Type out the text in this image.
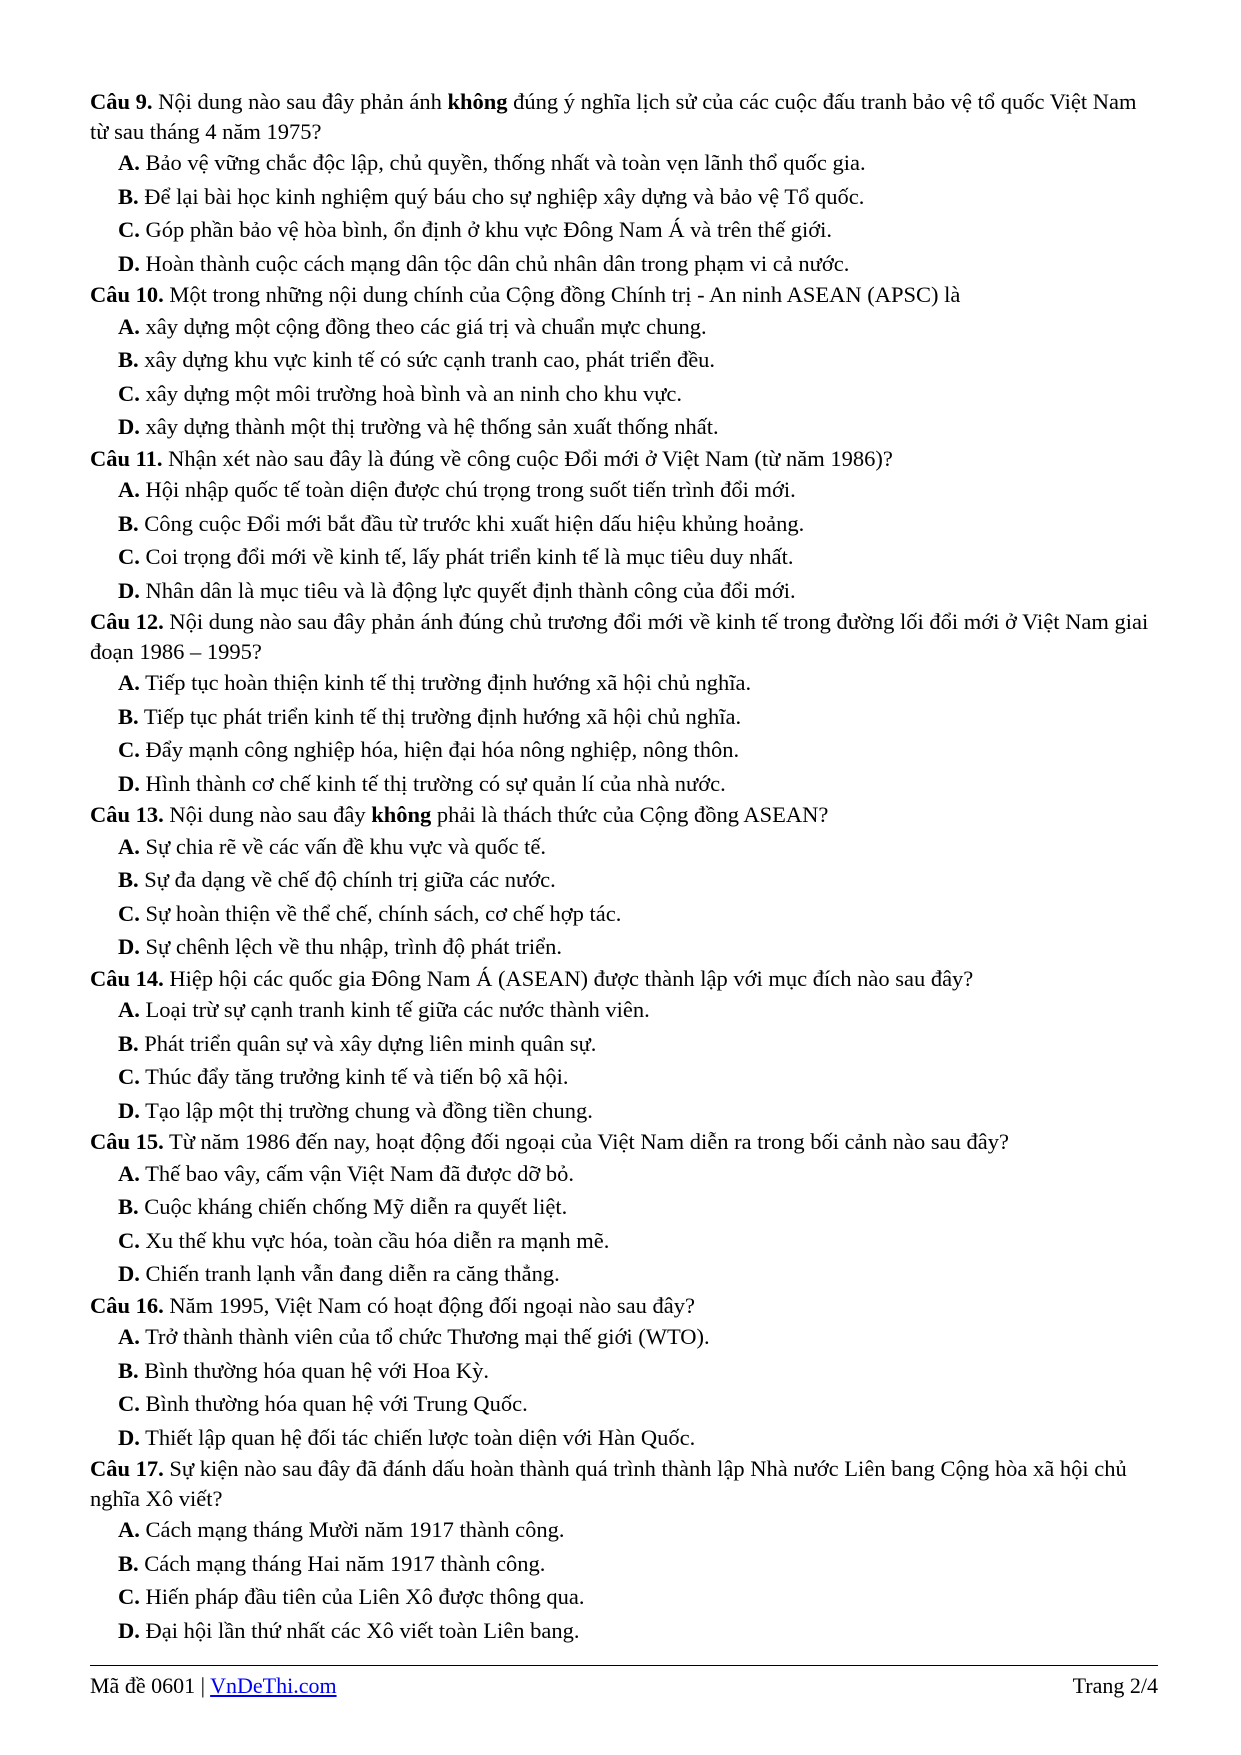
Câu 9. Nội dung nào sau đây phản ánh không đúng ý nghĩa lịch sử của các cuộc đấu tranh bảo vệ tổ quốc Việt Nam từ sau tháng 4 năm 1975?

A. Bảo vệ vững chắc độc lập, chủ quyền, thống nhất và toàn vẹn lãnh thổ quốc gia.

B. Để lại bài học kinh nghiệm quý báu cho sự nghiệp xây dựng và bảo vệ Tổ quốc.

C. Góp phần bảo vệ hòa bình, ổn định ở khu vực Đông Nam Á và trên thế giới.

D. Hoàn thành cuộc cách mạng dân tộc dân chủ nhân dân trong phạm vi cả nước.

Câu 10. Một trong những nội dung chính của Cộng đồng Chính trị - An ninh ASEAN (APSC) là

A. xây dựng một cộng đồng theo các giá trị và chuẩn mực chung.

B. xây dựng khu vực kinh tế có sức cạnh tranh cao, phát triển đều.

C. xây dựng một môi trường hoà bình và an ninh cho khu vực.

D. xây dựng thành một thị trường và hệ thống sản xuất thống nhất.

Câu 11. Nhận xét nào sau đây là đúng về công cuộc Đổi mới ở Việt Nam (từ năm 1986)?

A. Hội nhập quốc tế toàn diện được chú trọng trong suốt tiến trình đổi mới.

B. Công cuộc Đổi mới bắt đầu từ trước khi xuất hiện dấu hiệu khủng hoảng.

C. Coi trọng đổi mới về kinh tế, lấy phát triển kinh tế là mục tiêu duy nhất.

D. Nhân dân là mục tiêu và là động lực quyết định thành công của đổi mới.

Câu 12. Nội dung nào sau đây phản ánh đúng chủ trương đổi mới về kinh tế trong đường lối đổi mới ở Việt Nam giai đoạn 1986 – 1995?

A. Tiếp tục hoàn thiện kinh tế thị trường định hướng xã hội chủ nghĩa.

B. Tiếp tục phát triển kinh tế thị trường định hướng xã hội chủ nghĩa.

C. Đẩy mạnh công nghiệp hóa, hiện đại hóa nông nghiệp, nông thôn.

D. Hình thành cơ chế kinh tế thị trường có sự quản lí của nhà nước.

Câu 13. Nội dung nào sau đây không phải là thách thức của Cộng đồng ASEAN?

A. Sự chia rẽ về các vấn đề khu vực và quốc tế.

B. Sự đa dạng về chế độ chính trị giữa các nước.

C. Sự hoàn thiện về thể chế, chính sách, cơ chế hợp tác.

D. Sự chênh lệch về thu nhập, trình độ phát triển.

Câu 14. Hiệp hội các quốc gia Đông Nam Á (ASEAN) được thành lập với mục đích nào sau đây?

A. Loại trừ sự cạnh tranh kinh tế giữa các nước thành viên.

B. Phát triển quân sự và xây dựng liên minh quân sự.

C. Thúc đẩy tăng trưởng kinh tế và tiến bộ xã hội.

D. Tạo lập một thị trường chung và đồng tiền chung.

Câu 15. Từ năm 1986 đến nay, hoạt động đối ngoại của Việt Nam diễn ra trong bối cảnh nào sau đây?

A. Thế bao vây, cấm vận Việt Nam đã được dỡ bỏ.

B. Cuộc kháng chiến chống Mỹ diễn ra quyết liệt.

C. Xu thế khu vực hóa, toàn cầu hóa diễn ra mạnh mẽ.

D. Chiến tranh lạnh vẫn đang diễn ra căng thẳng.

Câu 16. Năm 1995, Việt Nam có hoạt động đối ngoại nào sau đây?

A. Trở thành thành viên của tổ chức Thương mại thế giới (WTO).

B. Bình thường hóa quan hệ với Hoa Kỳ.

C. Bình thường hóa quan hệ với Trung Quốc.

D. Thiết lập quan hệ đối tác chiến lược toàn diện với Hàn Quốc.

Câu 17. Sự kiện nào sau đây đã đánh dấu hoàn thành quá trình thành lập Nhà nước Liên bang Cộng hòa xã hội chủ nghĩa Xô viết?

A. Cách mạng tháng Mười năm 1917 thành công.

B. Cách mạng tháng Hai năm 1917 thành công.

C. Hiến pháp đầu tiên của Liên Xô được thông qua.

D. Đại hội lần thứ nhất các Xô viết toàn Liên bang.

Mã đề 0601 | VnDeThi.com	Trang 2/4
